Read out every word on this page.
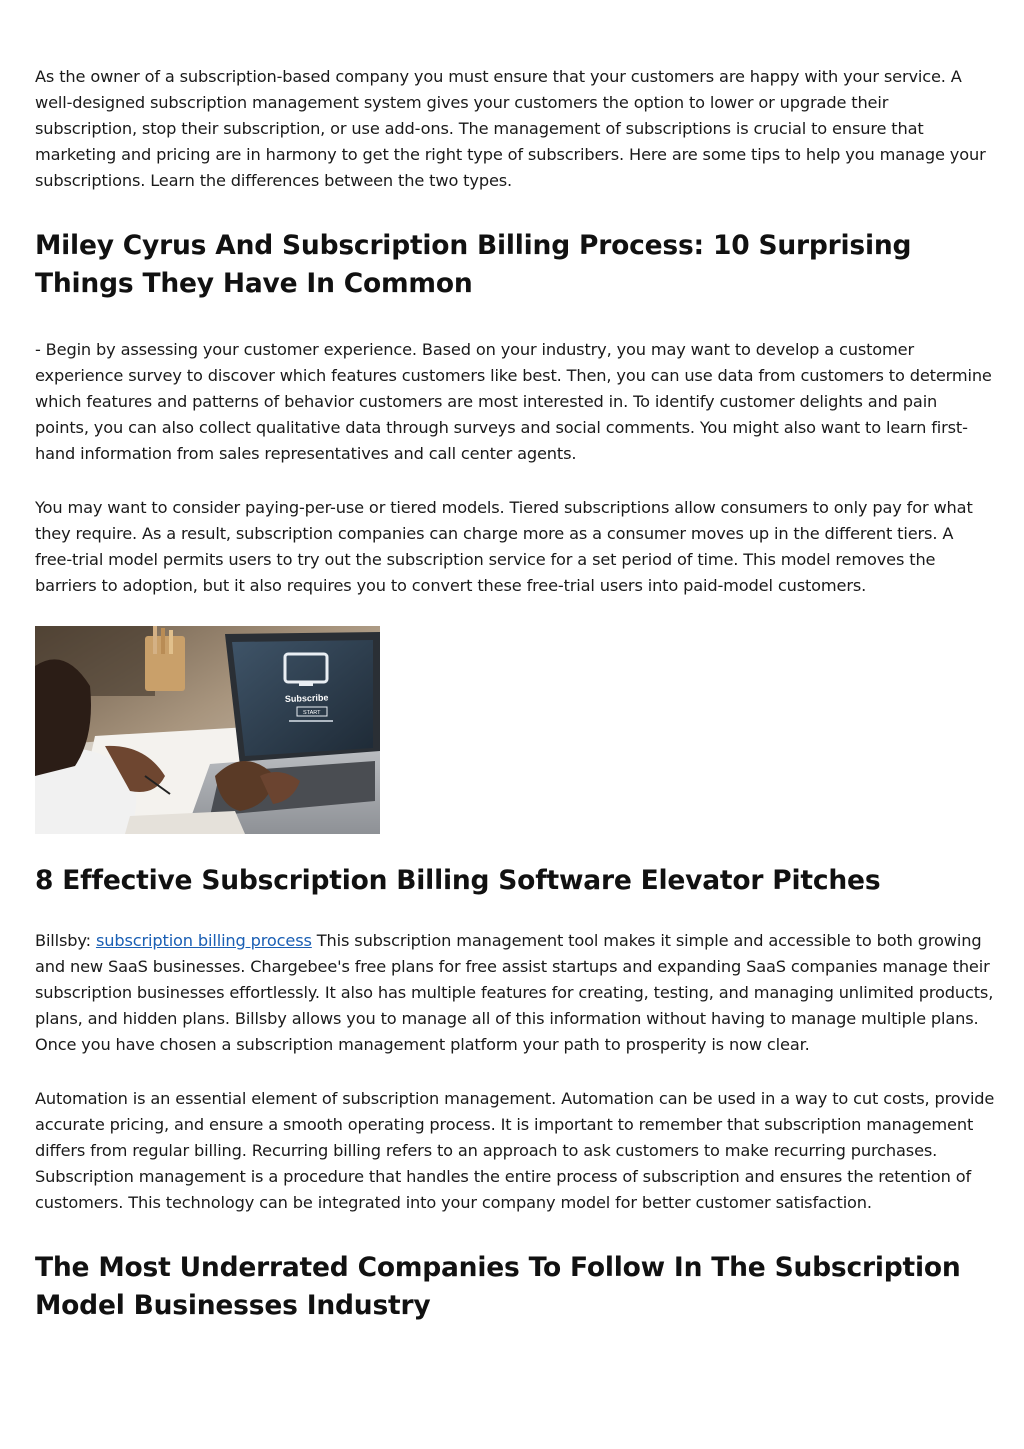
As the owner of a subscription-based company you must ensure that your customers are happy with your service. A well-designed subscription management system gives your customers the option to lower or upgrade their subscription, stop their subscription, or use add-ons. The management of subscriptions is crucial to ensure that marketing and pricing are in harmony to get the right type of subscribers. Here are some tips to help you manage your subscriptions. Learn the differences between the two types.

Miley Cyrus And Subscription Billing Process: 10 Surprising Things They Have In Common

- Begin by assessing your customer experience. Based on your industry, you may want to develop a customer experience survey to discover which features customers like best. Then, you can use data from customers to determine which features and patterns of behavior customers are most interested in. To identify customer delights and pain points, you can also collect qualitative data through surveys and social comments. You might also want to learn first-hand information from sales representatives and call center agents.

You may want to consider paying-per-use or tiered models. Tiered subscriptions allow consumers to only pay for what they require. As a result, subscription companies can charge more as a consumer moves up in the different tiers. A free-trial model permits users to try out the subscription service for a set period of time. This model removes the barriers to adoption, but it also requires you to convert these free-trial users into paid-model customers.

Subscribe
START
8 Effective Subscription Billing Software Elevator Pitches

Billsby: subscription billing process This subscription management tool makes it simple and accessible to both growing and new SaaS businesses. Chargebee's free plans for free assist startups and expanding SaaS companies manage their subscription businesses effortlessly. It also has multiple features for creating, testing, and managing unlimited products, plans, and hidden plans. Billsby allows you to manage all of this information without having to manage multiple plans. Once you have chosen a subscription management platform your path to prosperity is now clear.

Automation is an essential element of subscription management. Automation can be used in a way to cut costs, provide accurate pricing, and ensure a smooth operating process. It is important to remember that subscription management differs from regular billing. Recurring billing refers to an approach to ask customers to make recurring purchases. Subscription management is a procedure that handles the entire process of subscription and ensures the retention of customers. This technology can be integrated into your company model for better customer satisfaction.

The Most Underrated Companies To Follow In The Subscription Model Businesses Industry
